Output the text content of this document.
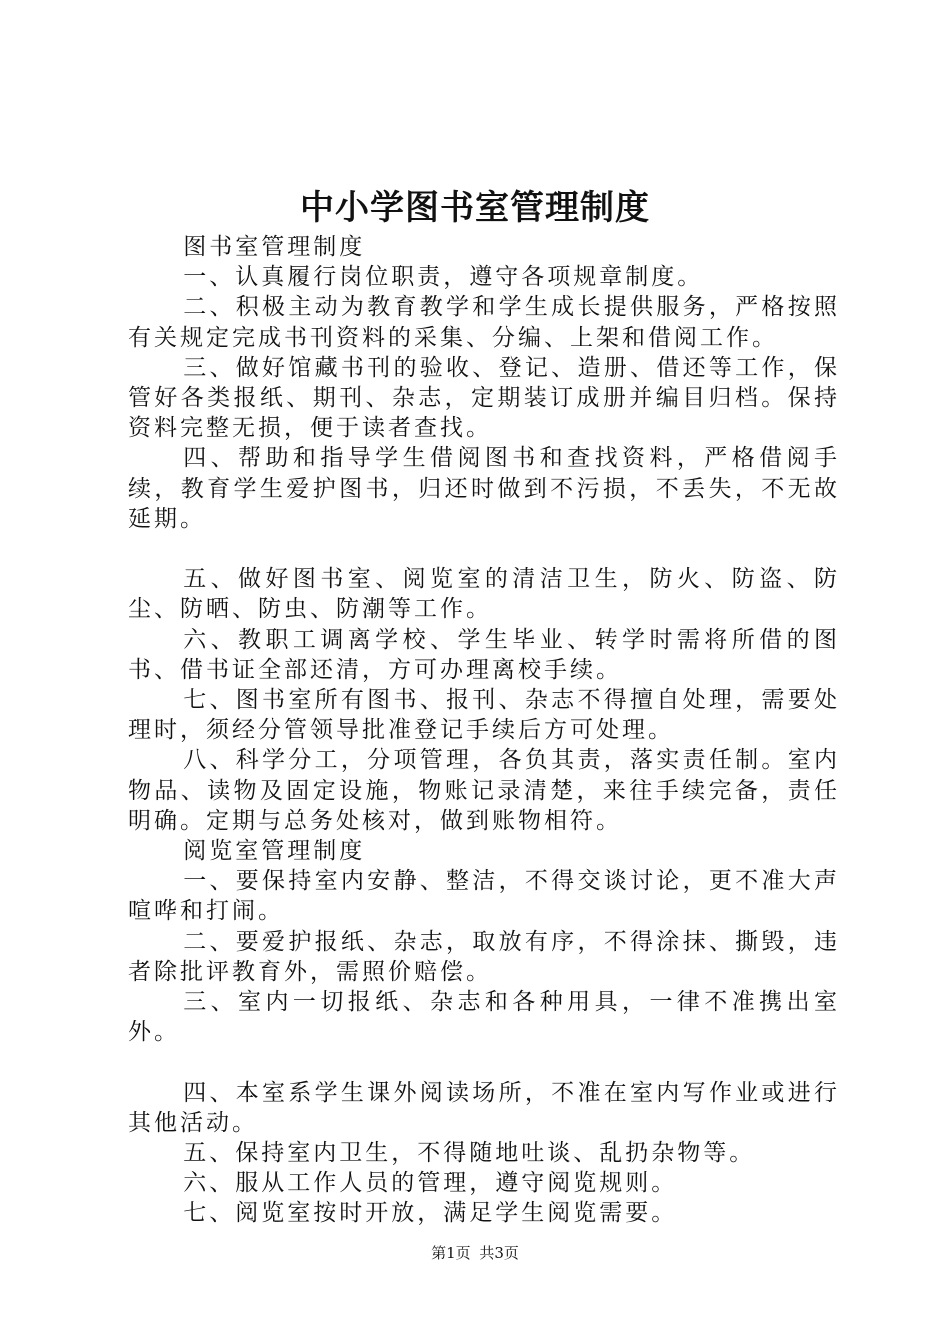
中小学图书室管理制度

图书室管理制度

一、认真履行岗位职责，遵守各项规章制度。

二、积极主动为教育教学和学生成长提供服务，严格按照有关规定完成书刊资料的采集、分编、上架和借阅工作。

三、做好馆藏书刊的验收、登记、造册、借还等工作，保管好各类报纸、期刊、杂志，定期装订成册并编目归档。保持资料完整无损，便于读者查找。

四、帮助和指导学生借阅图书和查找资料，严格借阅手续，教育学生爱护图书，归还时做到不污损，不丢失，不无故延期。

五、做好图书室、阅览室的清洁卫生，防火、防盗、防尘、防晒、防虫、防潮等工作。

六、教职工调离学校、学生毕业、转学时需将所借的图书、借书证全部还清，方可办理离校手续。

七、图书室所有图书、报刊、杂志不得擅自处理，需要处理时，须经分管领导批准登记手续后方可处理。

八、科学分工，分项管理，各负其责，落实责任制。室内物品、读物及固定设施，物账记录清楚，来往手续完备，责任明确。定期与总务处核对，做到账物相符。

阅览室管理制度

一、要保持室内安静、整洁，不得交谈讨论，更不准大声喧哗和打闹。

二、要爱护报纸、杂志，取放有序，不得涂抹、撕毁，违者除批评教育外，需照价赔偿。

三、室内一切报纸、杂志和各种用具，一律不准携出室外。

四、本室系学生课外阅读场所，不准在室内写作业或进行其他活动。

五、保持室内卫生，不得随地吐谈、乱扔杂物等。

六、服从工作人员的管理，遵守阅览规则。

七、阅览室按时开放，满足学生阅览需要。

第1页 共3页
